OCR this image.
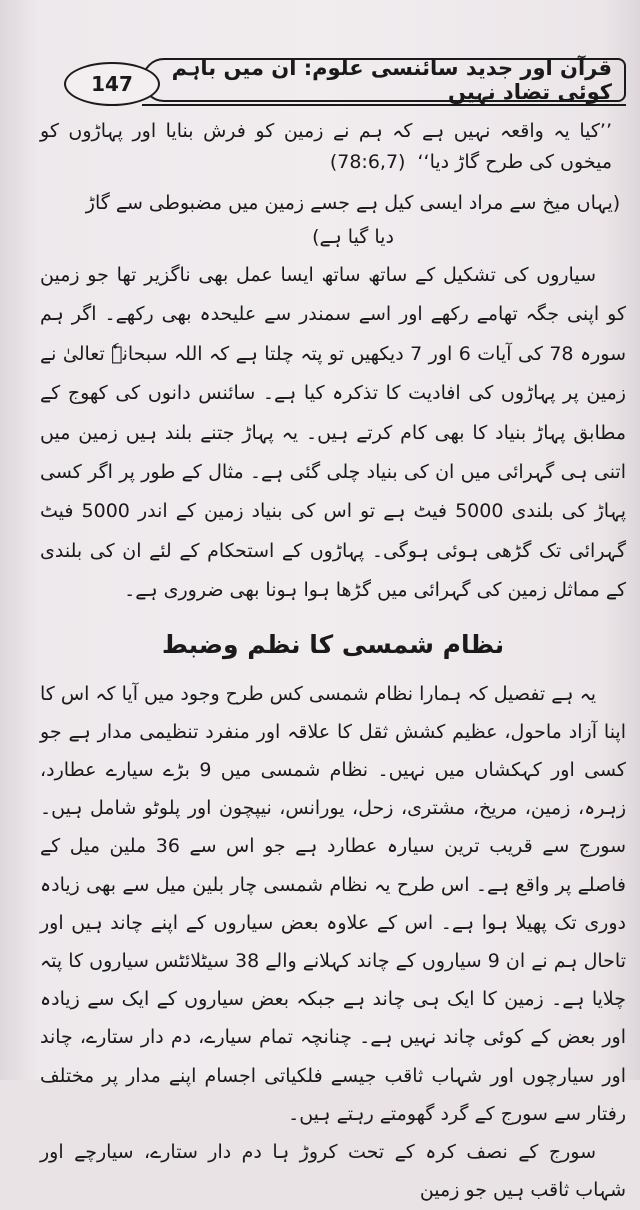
قرآن اور جدید سائنسی علوم: ان میں باہم کوئی تضاد نہیں
147

’’کیا یہ واقعہ نہیں ہے کہ ہم نے زمین کو فرش بنایا اور پہاڑوں کو میخوں کی طرح گاڑ دیا‘‘ (78:6,7)

(یہاں میخ سے مراد ایسی کیل ہے جسے زمین میں مضبوطی سے گاڑ دیا گیا ہے)

سیاروں کی تشکیل کے ساتھ ساتھ ایسا عمل بھی ناگزیر تھا جو زمین کو اپنی جگہ تھامے رکھے اور اسے سمندر سے علیحدہ بھی رکھے۔ اگر ہم سورہ 78 کی آیات 6 اور 7 دیکھیں تو پتہ چلتا ہے کہ اللہ سبحانہٗ تعالیٰ نے زمین پر پہاڑوں کی افادیت کا تذکرہ کیا ہے۔ سائنس دانوں کی کھوج کے مطابق پہاڑ بنیاد کا بھی کام کرتے ہیں۔ یہ پہاڑ جتنے بلند ہیں زمین میں اتنی ہی گہرائی میں ان کی بنیاد چلی گئی ہے۔ مثال کے طور پر اگر کسی پہاڑ کی بلندی 5000 فیٹ ہے تو اس کی بنیاد زمین کے اندر 5000 فیٹ گہرائی تک گڑھی ہوئی ہوگی۔ پہاڑوں کے استحکام کے لئے ان کی بلندی کے مماثل زمین کی گہرائی میں گڑھا ہوا ہونا بھی ضروری ہے۔

نظام شمسی کا نظم وضبط

یہ ہے تفصیل کہ ہمارا نظام شمسی کس طرح وجود میں آیا کہ اس کا اپنا آزاد ماحول، عظیم کشش ثقل کا علاقہ اور منفرد تنظیمی مدار ہے جو کسی اور کہکشاں میں نہیں۔ نظام شمسی میں 9 بڑے سیارے عطارد، زہرہ، زمین، مریخ، مشتری، زحل، یورانس، نیپچون اور پلوٹو شامل ہیں۔ سورج سے قریب ترین سیارہ عطارد ہے جو اس سے 36 ملین میل کے فاصلے پر واقع ہے۔ اس طرح یہ نظام شمسی چار بلین میل سے بھی زیادہ دوری تک پھیلا ہوا ہے۔ اس کے علاوہ بعض سیاروں کے اپنے چاند ہیں اور تاحال ہم نے ان 9 سیاروں کے چاند کہلانے والے 38 سیٹلائٹس سیاروں کا پتہ چلایا ہے۔ زمین کا ایک ہی چاند ہے جبکہ بعض سیاروں کے ایک سے زیادہ اور بعض کے کوئی چاند نہیں ہے۔ چنانچہ تمام سیارے، دم دار ستارے، چاند اور سیارچوں اور شہاب ثاقب جیسے فلکیاتی اجسام اپنے مدار پر مختلف رفتار سے سورج کے گرد گھومتے رہتے ہیں۔

سورج کے نصف کرہ کے تحت کروڑ ہا دم دار ستارے، سیارچے اور شہاب ثاقب ہیں جو زمین
